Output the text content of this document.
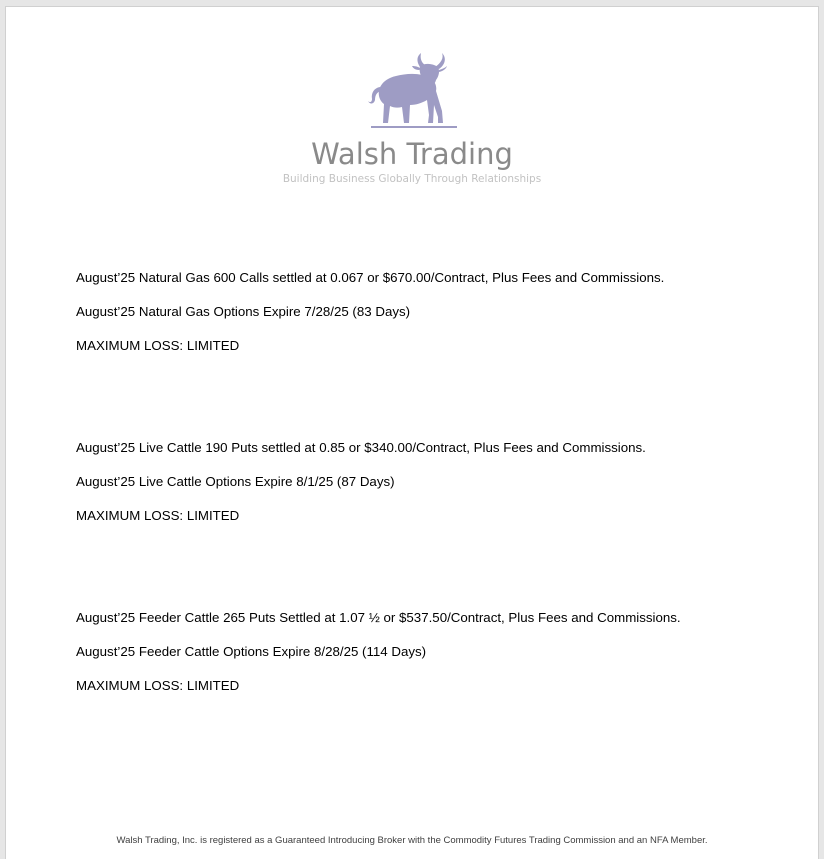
Walsh Trading
Building Business Globally Through Relationships
August’25 Natural Gas 600 Calls settled at 0.067 or $670.00/Contract, Plus Fees and Commissions.
August’25 Natural Gas Options Expire 7/28/25 (83 Days)
MAXIMUM LOSS: LIMITED
August’25 Live Cattle 190 Puts settled at 0.85 or $340.00/Contract, Plus Fees and Commissions.
August’25 Live Cattle Options Expire 8/1/25 (87 Days)
MAXIMUM LOSS: LIMITED
August’25 Feeder Cattle 265 Puts Settled at 1.07 ½ or $537.50/Contract, Plus Fees and Commissions.
August’25 Feeder Cattle Options Expire 8/28/25 (114 Days)
MAXIMUM LOSS: LIMITED
Walsh Trading, Inc. is registered as a Guaranteed Introducing Broker with the Commodity Futures Trading Commission and an NFA Member.
